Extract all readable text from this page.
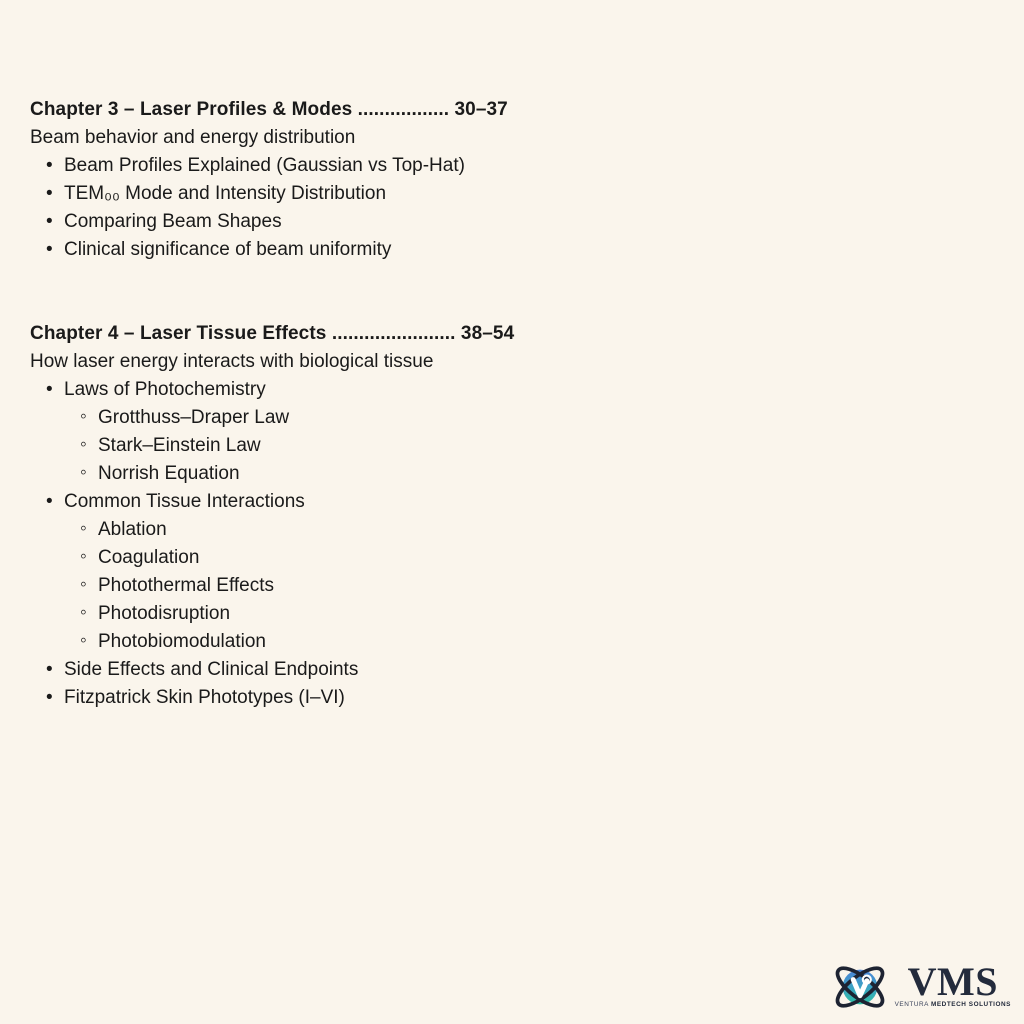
Chapter 3 – Laser Profiles & Modes ................. 30–37
Beam behavior and energy distribution
• Beam Profiles Explained (Gaussian vs Top-Hat)
• TEM₀₀ Mode and Intensity Distribution
• Comparing Beam Shapes
• Clinical significance of beam uniformity
Chapter 4 – Laser Tissue Effects ....................... 38–54
How laser energy interacts with biological tissue
• Laws of Photochemistry
◦ Grotthuss–Draper Law
◦ Stark–Einstein Law
◦ Norrish Equation
• Common Tissue Interactions
◦ Ablation
◦ Coagulation
◦ Photothermal Effects
◦ Photodisruption
◦ Photobiomodulation
• Side Effects and Clinical Endpoints
• Fitzpatrick Skin Phototypes (I–VI)
VMS
VENTURA MEDTECH SOLUTIONS
